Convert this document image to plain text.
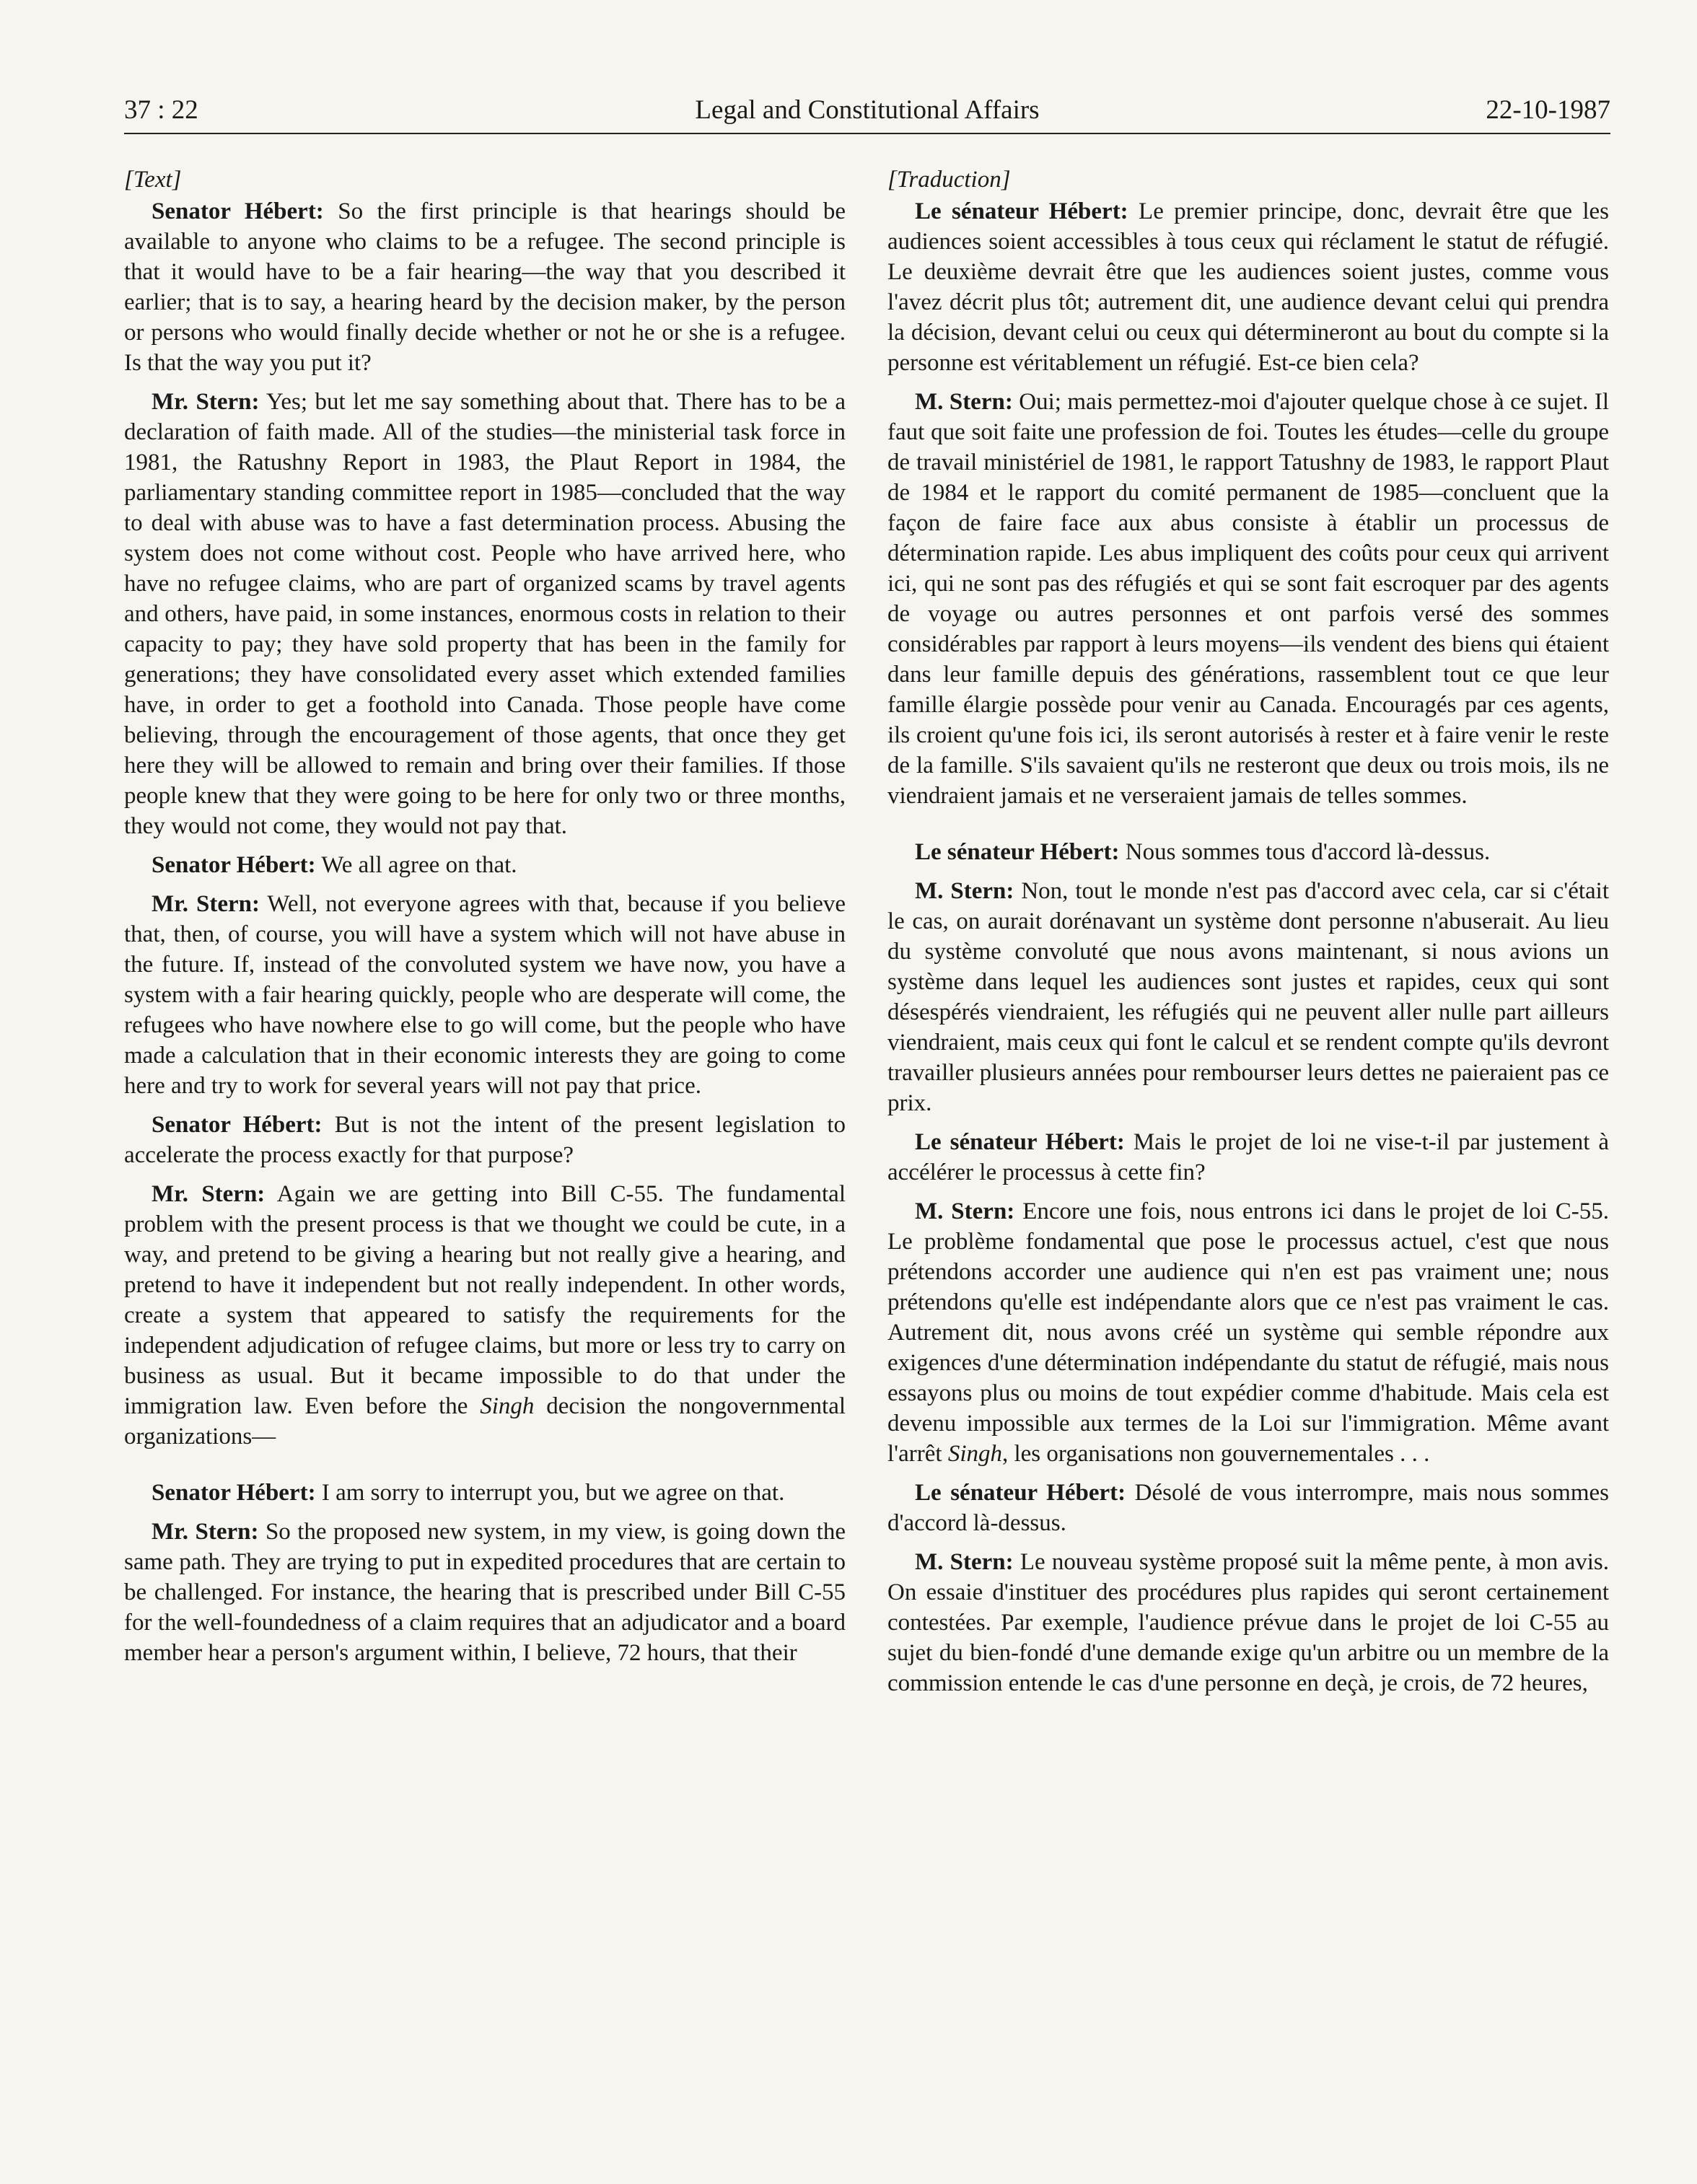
37 : 22	Legal and Constitutional Affairs	22-10-1987

[Text]

Senator Hébert: So the first principle is that hearings should be available to anyone who claims to be a refugee. The second principle is that it would have to be a fair hearing—the way that you described it earlier; that is to say, a hearing heard by the decision maker, by the person or persons who would finally decide whether or not he or she is a refugee. Is that the way you put it?

Mr. Stern: Yes; but let me say something about that. There has to be a declaration of faith made. All of the studies—the ministerial task force in 1981, the Ratushny Report in 1983, the Plaut Report in 1984, the parliamentary standing committee report in 1985—concluded that the way to deal with abuse was to have a fast determination process. Abusing the system does not come without cost. People who have arrived here, who have no refugee claims, who are part of organized scams by travel agents and others, have paid, in some instances, enormous costs in relation to their capacity to pay; they have sold property that has been in the family for generations; they have consolidated every asset which extended families have, in order to get a foothold into Canada. Those people have come believing, through the encouragement of those agents, that once they get here they will be allowed to remain and bring over their families. If those people knew that they were going to be here for only two or three months, they would not come, they would not pay that.

Senator Hébert: We all agree on that.

Mr. Stern: Well, not everyone agrees with that, because if you believe that, then, of course, you will have a system which will not have abuse in the future. If, instead of the convoluted system we have now, you have a system with a fair hearing quickly, people who are desperate will come, the refugees who have nowhere else to go will come, but the people who have made a calculation that in their economic interests they are going to come here and try to work for several years will not pay that price.

Senator Hébert: But is not the intent of the present legislation to accelerate the process exactly for that purpose?

Mr. Stern: Again we are getting into Bill C-55. The fundamental problem with the present process is that we thought we could be cute, in a way, and pretend to be giving a hearing but not really give a hearing, and pretend to have it independent but not really independent. In other words, create a system that appeared to satisfy the requirements for the independent adjudication of refugee claims, but more or less try to carry on business as usual. But it became impossible to do that under the immigration law. Even before the Singh decision the nongovernmental organizations—

Senator Hébert: I am sorry to interrupt you, but we agree on that.

Mr. Stern: So the proposed new system, in my view, is going down the same path. They are trying to put in expedited procedures that are certain to be challenged. For instance, the hearing that is prescribed under Bill C-55 for the well-foundedness of a claim requires that an adjudicator and a board member hear a person's argument within, I believe, 72 hours, that their

[Traduction]

Le sénateur Hébert: Le premier principe, donc, devrait être que les audiences soient accessibles à tous ceux qui réclament le statut de réfugié. Le deuxième devrait être que les audiences soient justes, comme vous l'avez décrit plus tôt; autrement dit, une audience devant celui qui prendra la décision, devant celui ou ceux qui détermineront au bout du compte si la personne est véritablement un réfugié. Est-ce bien cela?

M. Stern: Oui; mais permettez-moi d'ajouter quelque chose à ce sujet. Il faut que soit faite une profession de foi. Toutes les études—celle du groupe de travail ministériel de 1981, le rapport Tatushny de 1983, le rapport Plaut de 1984 et le rapport du comité permanent de 1985—concluent que la façon de faire face aux abus consiste à établir un processus de détermination rapide. Les abus impliquent des coûts pour ceux qui arrivent ici, qui ne sont pas des réfugiés et qui se sont fait escroquer par des agents de voyage ou autres personnes et ont parfois versé des sommes considérables par rapport à leurs moyens—ils vendent des biens qui étaient dans leur famille depuis des générations, rassemblent tout ce que leur famille élargie possède pour venir au Canada. Encouragés par ces agents, ils croient qu'une fois ici, ils seront autorisés à rester et à faire venir le reste de la famille. S'ils savaient qu'ils ne resteront que deux ou trois mois, ils ne viendraient jamais et ne verseraient jamais de telles sommes.

Le sénateur Hébert: Nous sommes tous d'accord là-dessus.

M. Stern: Non, tout le monde n'est pas d'accord avec cela, car si c'était le cas, on aurait dorénavant un système dont personne n'abuserait. Au lieu du système convoluté que nous avons maintenant, si nous avions un système dans lequel les audiences sont justes et rapides, ceux qui sont désespérés viendraient, les réfugiés qui ne peuvent aller nulle part ailleurs viendraient, mais ceux qui font le calcul et se rendent compte qu'ils devront travailler plusieurs années pour rembourser leurs dettes ne paieraient pas ce prix.

Le sénateur Hébert: Mais le projet de loi ne vise-t-il par justement à accélérer le processus à cette fin?

M. Stern: Encore une fois, nous entrons ici dans le projet de loi C-55. Le problème fondamental que pose le processus actuel, c'est que nous prétendons accorder une audience qui n'en est pas vraiment une; nous prétendons qu'elle est indépendante alors que ce n'est pas vraiment le cas. Autrement dit, nous avons créé un système qui semble répondre aux exigences d'une détermination indépendante du statut de réfugié, mais nous essayons plus ou moins de tout expédier comme d'habitude. Mais cela est devenu impossible aux termes de la Loi sur l'immigration. Même avant l'arrêt Singh, les organisations non gouvernementales . . .

Le sénateur Hébert: Désolé de vous interrompre, mais nous sommes d'accord là-dessus.

M. Stern: Le nouveau système proposé suit la même pente, à mon avis. On essaie d'instituer des procédures plus rapides qui seront certainement contestées. Par exemple, l'audience prévue dans le projet de loi C-55 au sujet du bien-fondé d'une demande exige qu'un arbitre ou un membre de la commission entende le cas d'une personne en deçà, je crois, de 72 heures,
